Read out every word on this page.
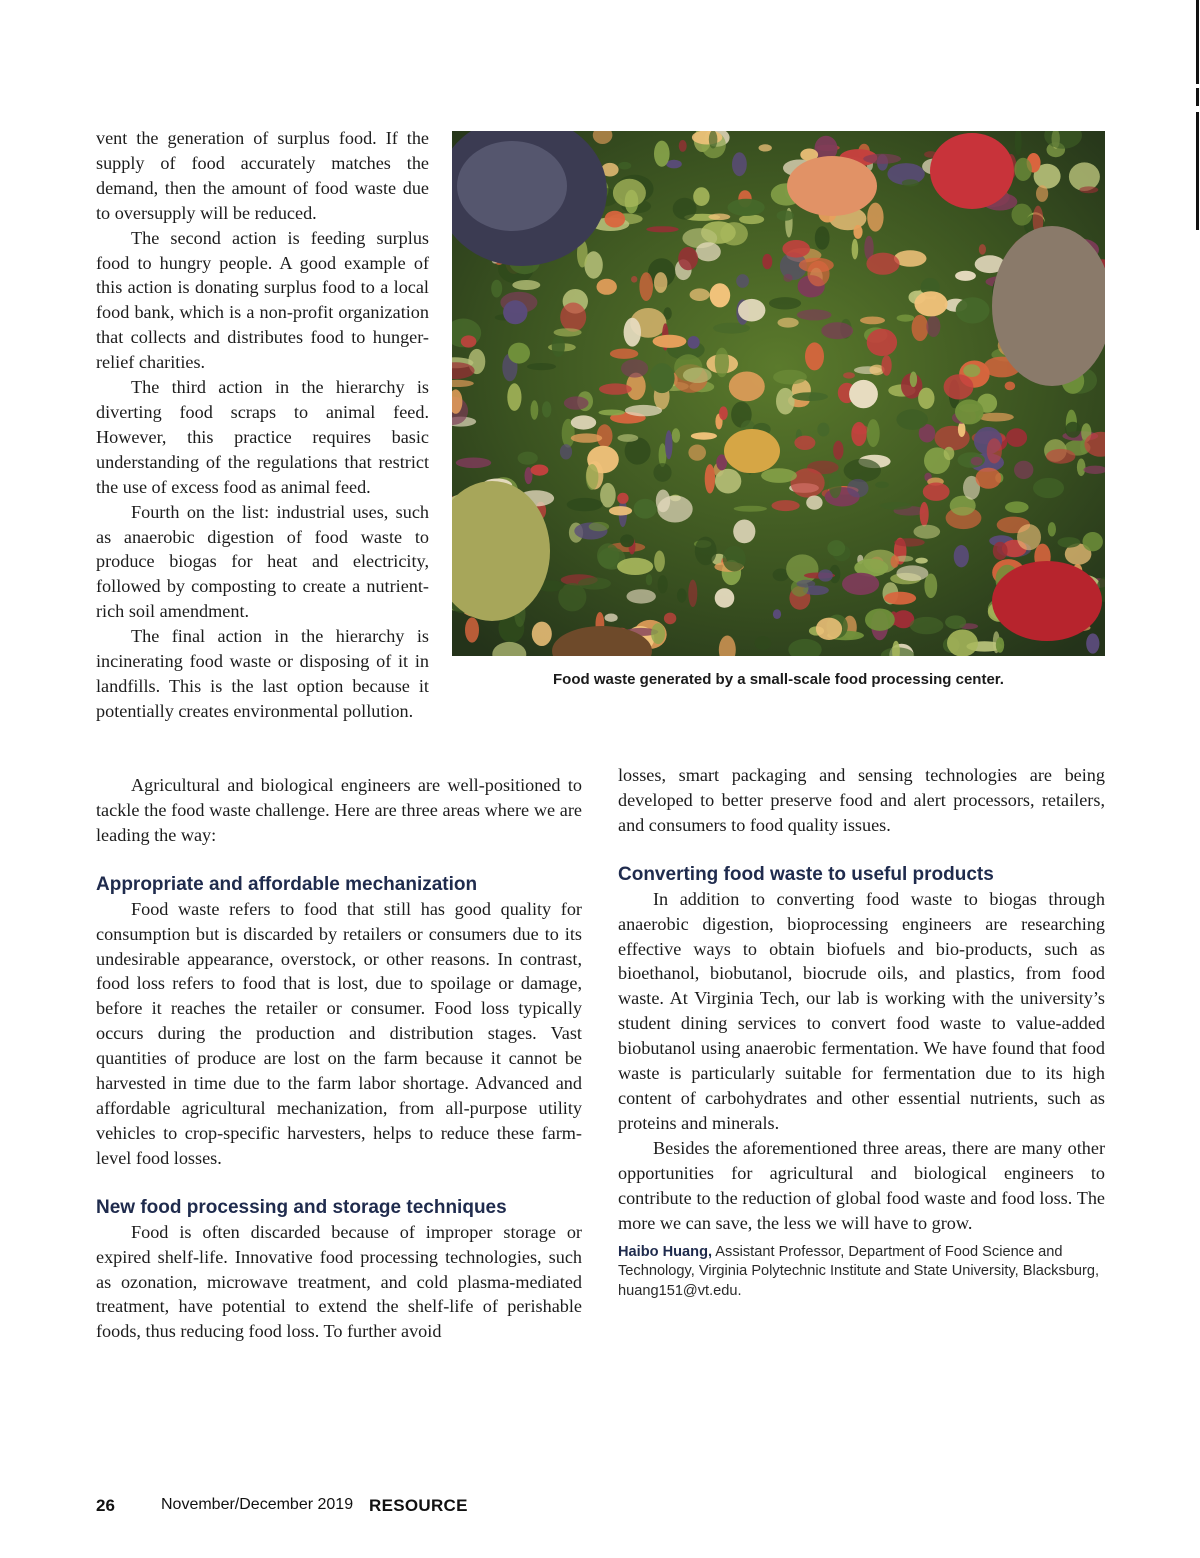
vent the generation of surplus food. If the supply of food accurately matches the demand, then the amount of food waste due to oversupply will be reduced.

The second action is feeding surplus food to hungry people. A good example of this action is donating surplus food to a local food bank, which is a non-profit organization that collects and distributes food to hunger-relief charities.

The third action in the hierarchy is diverting food scraps to animal feed. However, this practice requires basic understanding of the regulations that restrict the use of excess food as animal feed.

Fourth on the list: industrial uses, such as anaerobic digestion of food waste to produce biogas for heat and electricity, followed by composting to create a nutrient-rich soil amendment.

The final action in the hierarchy is incinerating food waste or disposing of it in landfills. This is the last option because it potentially creates environmental pollution.

Food waste generated by a small-scale food processing center.

Agricultural and biological engineers are well-positioned to tackle the food waste challenge. Here are three areas where we are leading the way:

Appropriate and affordable mechanization

Food waste refers to food that still has good quality for consumption but is discarded by retailers or consumers due to its undesirable appearance, overstock, or other reasons. In contrast, food loss refers to food that is lost, due to spoilage or damage, before it reaches the retailer or consumer. Food loss typically occurs during the production and distribution stages. Vast quantities of produce are lost on the farm because it cannot be harvested in time due to the farm labor shortage. Advanced and affordable agricultural mechanization, from all-purpose utility vehicles to crop-specific harvesters, helps to reduce these farm-level food losses.

New food processing and storage techniques

Food is often discarded because of improper storage or expired shelf-life. Innovative food processing technologies, such as ozonation, microwave treatment, and cold plasma-mediated treatment, have potential to extend the shelf-life of perishable foods, thus reducing food loss. To further avoid

losses, smart packaging and sensing technologies are being developed to better preserve food and alert processors, retailers, and consumers to food quality issues.

Converting food waste to useful products

In addition to converting food waste to biogas through anaerobic digestion, bioprocessing engineers are researching effective ways to obtain biofuels and bio-products, such as bioethanol, biobutanol, biocrude oils, and plastics, from food waste. At Virginia Tech, our lab is working with the university’s student dining services to convert food waste to value-added biobutanol using anaerobic fermentation. We have found that food waste is particularly suitable for fermentation due to its high content of carbohydrates and other essential nutrients, such as proteins and minerals.

Besides the aforementioned three areas, there are many other opportunities for agricultural and biological engineers to contribute to the reduction of global food waste and food loss. The more we can save, the less we will have to grow.

Haibo Huang, Assistant Professor, Department of Food Science and Technology, Virginia Polytechnic Institute and State University, Blacksburg, huang151@vt.edu.
26	November/December 2019 RESOURCE
